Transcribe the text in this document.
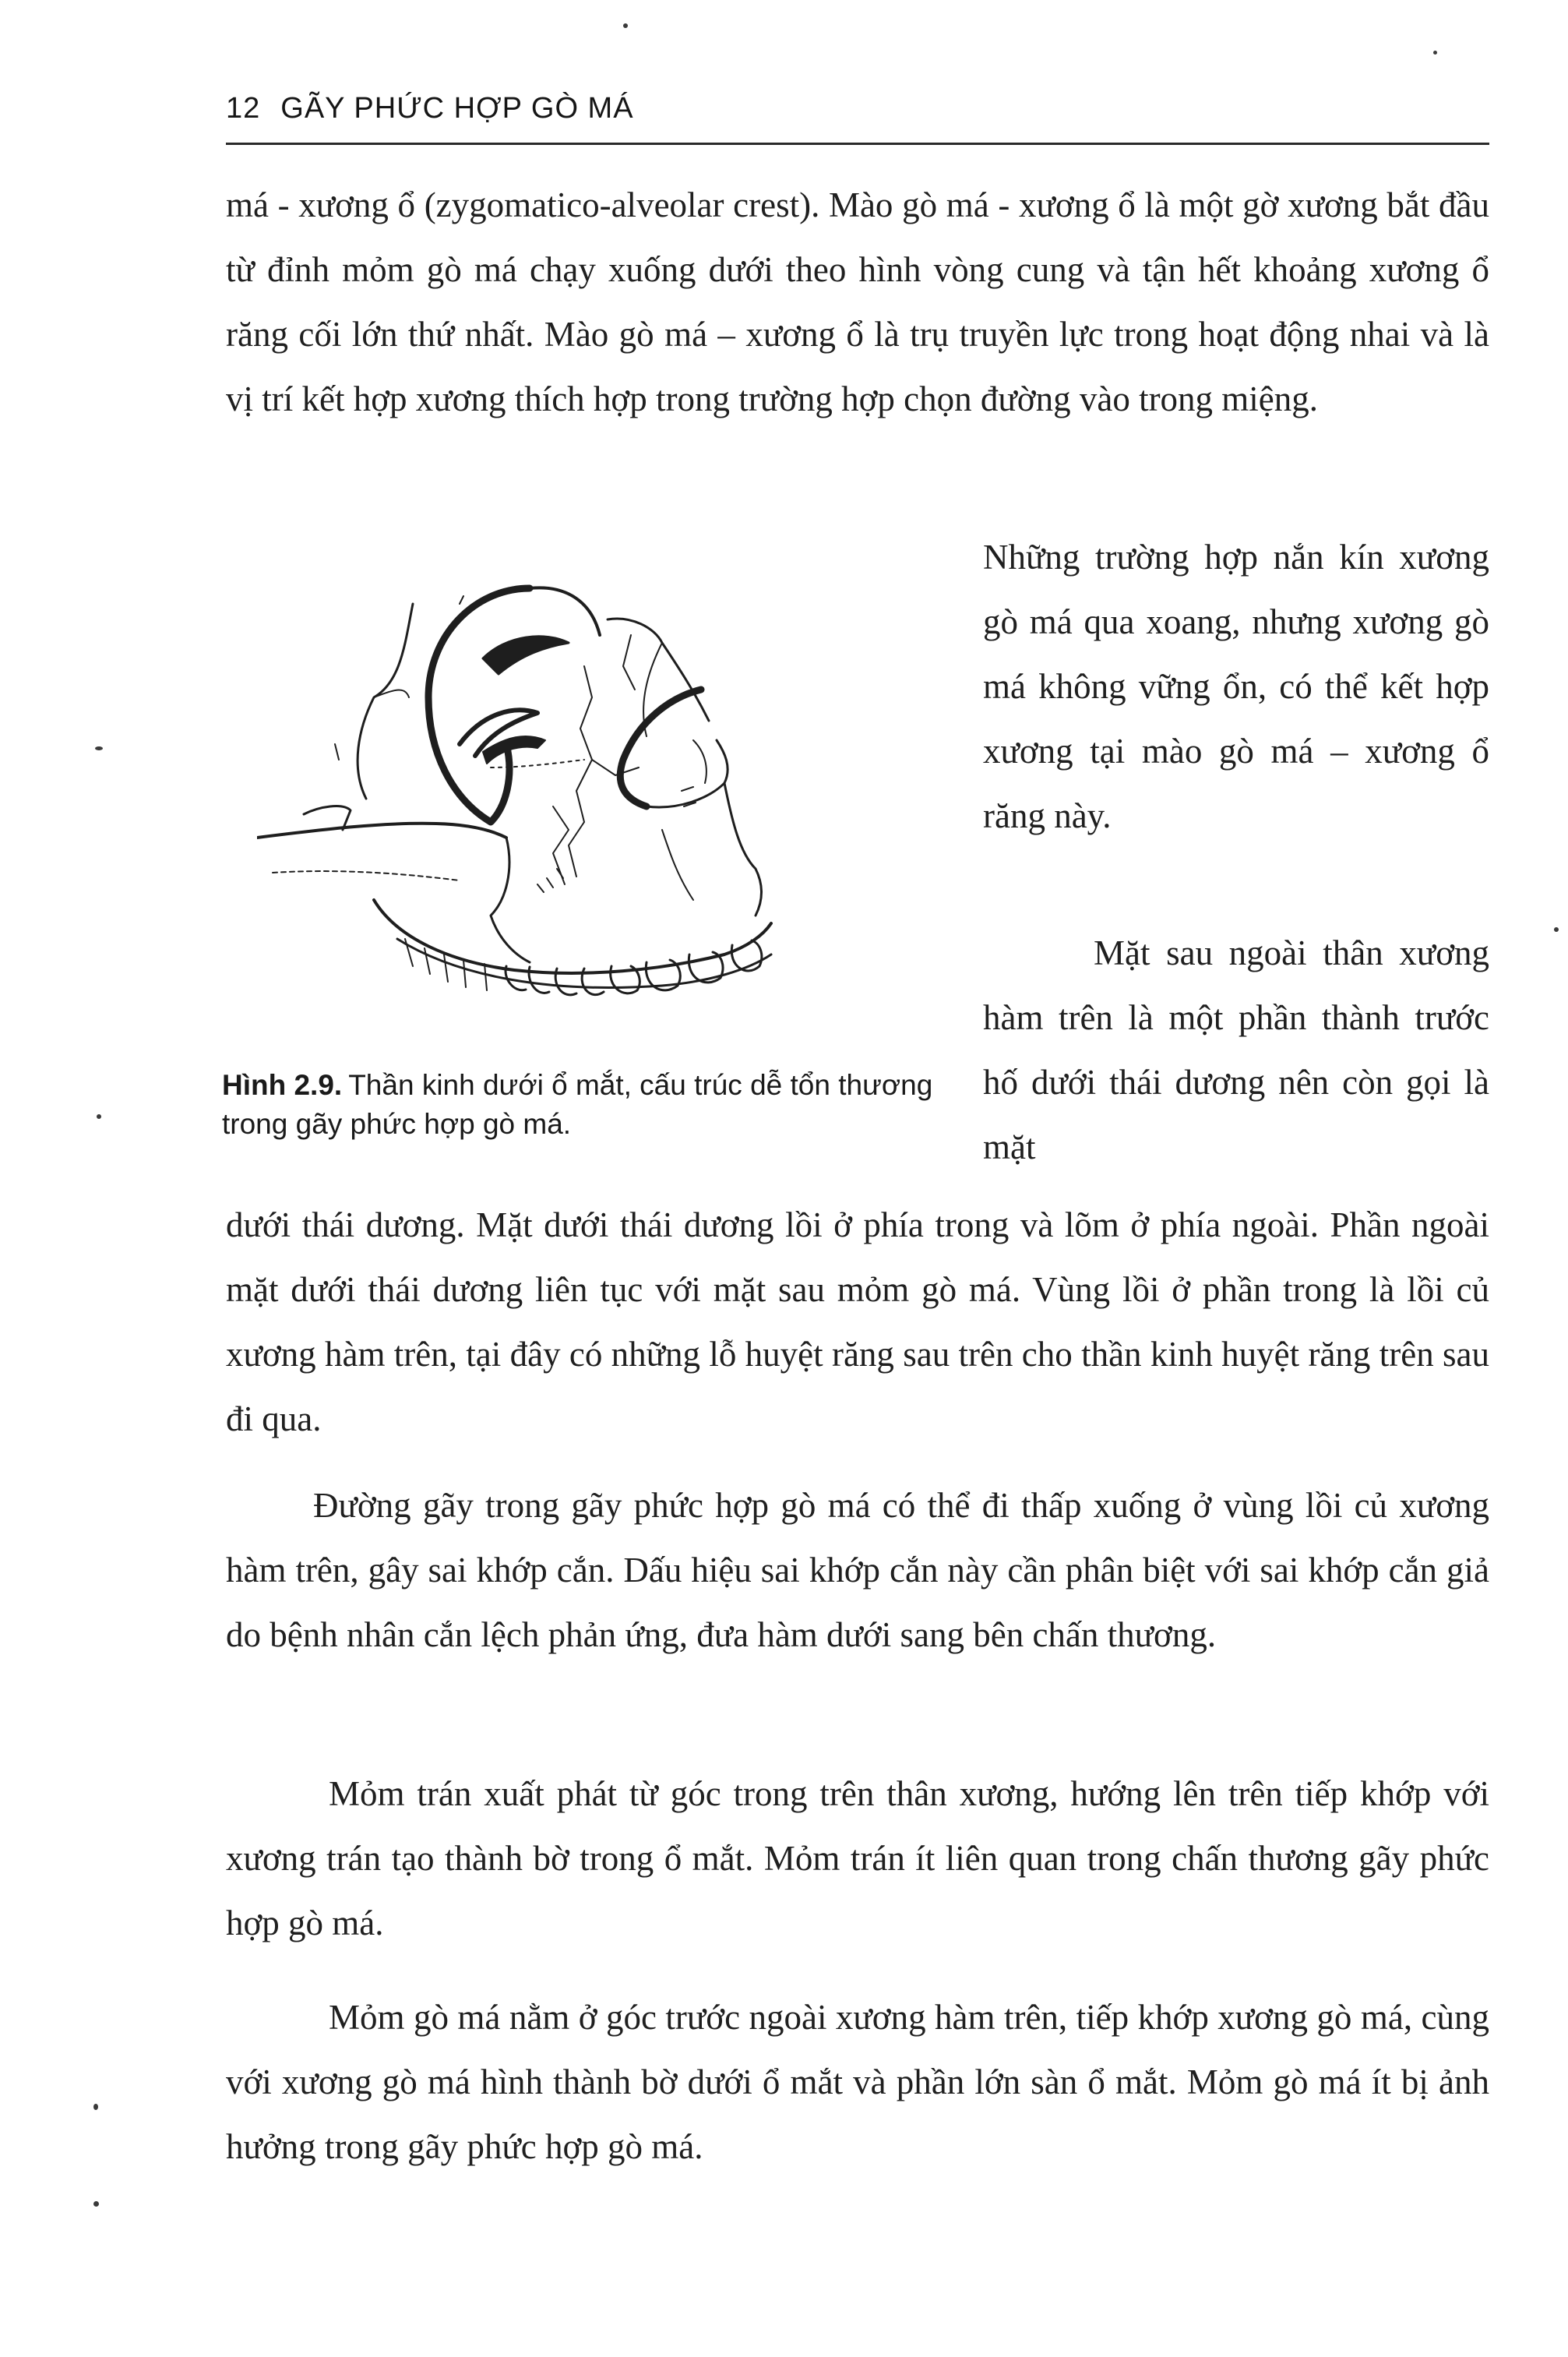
12 GÃY PHỨC HỢP GÒ MÁ
má - xương ổ (zygomatico-alveolar crest). Mào gò má - xương ổ là một gờ xương bắt đầu từ đỉnh mỏm gò má chạy xuống dưới theo hình vòng cung và tận hết khoảng xương ổ răng cối lớn thứ nhất. Mào gò má – xương ổ là trụ truyền lực trong hoạt động nhai và là vị trí kết hợp xương thích hợp trong trường hợp chọn đường vào trong miệng.
Hình 2.9. Thần kinh dưới ổ mắt, cấu trúc dễ tổn thương trong gãy phức hợp gò má.
Những trường hợp nắn kín xương gò má qua xoang, nhưng xương gò má không vững ổn, có thể kết hợp xương tại mào gò má – xương ổ răng này.
Mặt sau ngoài thân xương hàm trên là một phần thành trước hố dưới thái dương nên còn gọi là mặt
dưới thái dương. Mặt dưới thái dương lồi ở phía trong và lõm ở phía ngoài. Phần ngoài mặt dưới thái dương liên tục với mặt sau mỏm gò má. Vùng lồi ở phần trong là lồi củ xương hàm trên, tại đây có những lỗ huyệt răng sau trên cho thần kinh huyệt răng trên sau đi qua.
Đường gãy trong gãy phức hợp gò má có thể đi thấp xuống ở vùng lồi củ xương hàm trên, gây sai khớp cắn. Dấu hiệu sai khớp cắn này cần phân biệt với sai khớp cắn giả do bệnh nhân cắn lệch phản ứng, đưa hàm dưới sang bên chấn thương.
Mỏm trán xuất phát từ góc trong trên thân xương, hướng lên trên tiếp khớp với xương trán tạo thành bờ trong ổ mắt. Mỏm trán ít liên quan trong chấn thương gãy phức hợp gò má.
Mỏm gò má nằm ở góc trước ngoài xương hàm trên, tiếp khớp xương gò má, cùng với xương gò má hình thành bờ dưới ổ mắt và phần lớn sàn ổ mắt. Mỏm gò má ít bị ảnh hưởng trong gãy phức hợp gò má.
